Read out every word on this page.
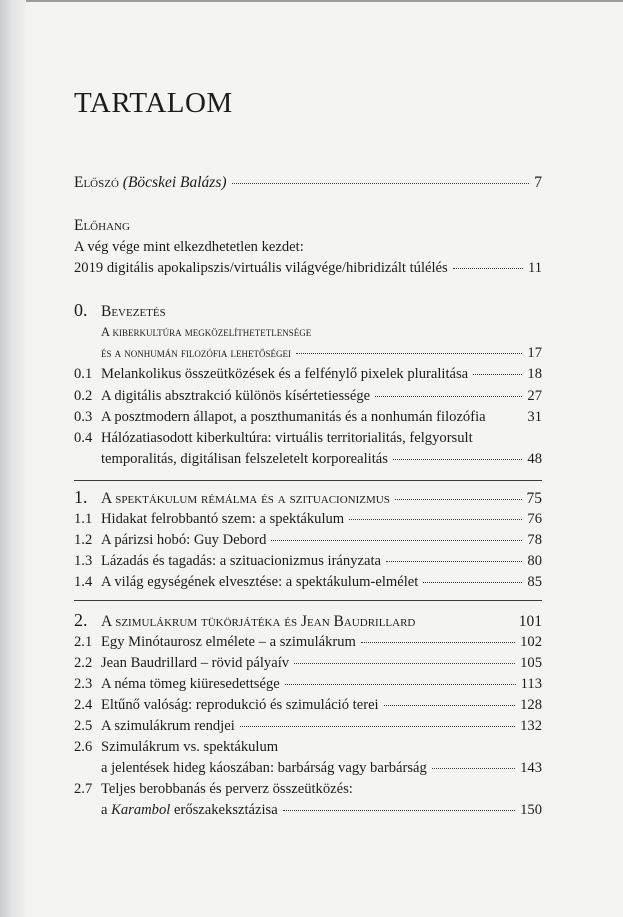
TARTALOM
Előszó (Böcskei Balázs)	7
Előhang
A vég vége mint elkezdhetetlen kezdet:
2019 digitális apokalipszis/virtuális világvége/hibridizált túlélés	11
0. Bevezetés
A kiberkultúra megközelíthetetlensége
és a nonhumán filozófia lehetőségei	17
0.1 Melankolikus összeütközések és a felfénylő pixelek pluralitása	18
0.2 A digitális absztrakció különös kísértetiessége	27
0.3 A posztmodern állapot, a poszthumanitás és a nonhumán filozófia	31
0.4 Hálózatiasodott kiberkultúra: virtuális territorialitás, felgyorsult
temporalitás, digitálisan felszeletelt korporealitás	48
1. A spektákulum rémálma és a szituacionizmus	75
1.1 Hidakat felrobbantó szem: a spektákulum	76
1.2 A párizsi hobó: Guy Debord	78
1.3 Lázadás és tagadás: a szituacionizmus irányzata	80
1.4 A világ egységének elvesztése: a spektákulum-elmélet	85
2. A szimulákrum tükörjátéka és Jean Baudrillard	101
2.1 Egy Minótaurosz elmélete – a szimulákrum	102
2.2 Jean Baudrillard – rövid pályaív	105
2.3 A néma tömeg kiüresedettsége	113
2.4 Eltűnő valóság: reprodukció és szimuláció terei	128
2.5 A szimulákrum rendjei	132
2.6 Szimulákrum vs. spektákulum
a jelentések hideg káoszában: barbárság vagy barbárság	143
2.7 Teljes berobbanás és perverz összeütközés:
a Karambol erőszakeksztázisa	150
